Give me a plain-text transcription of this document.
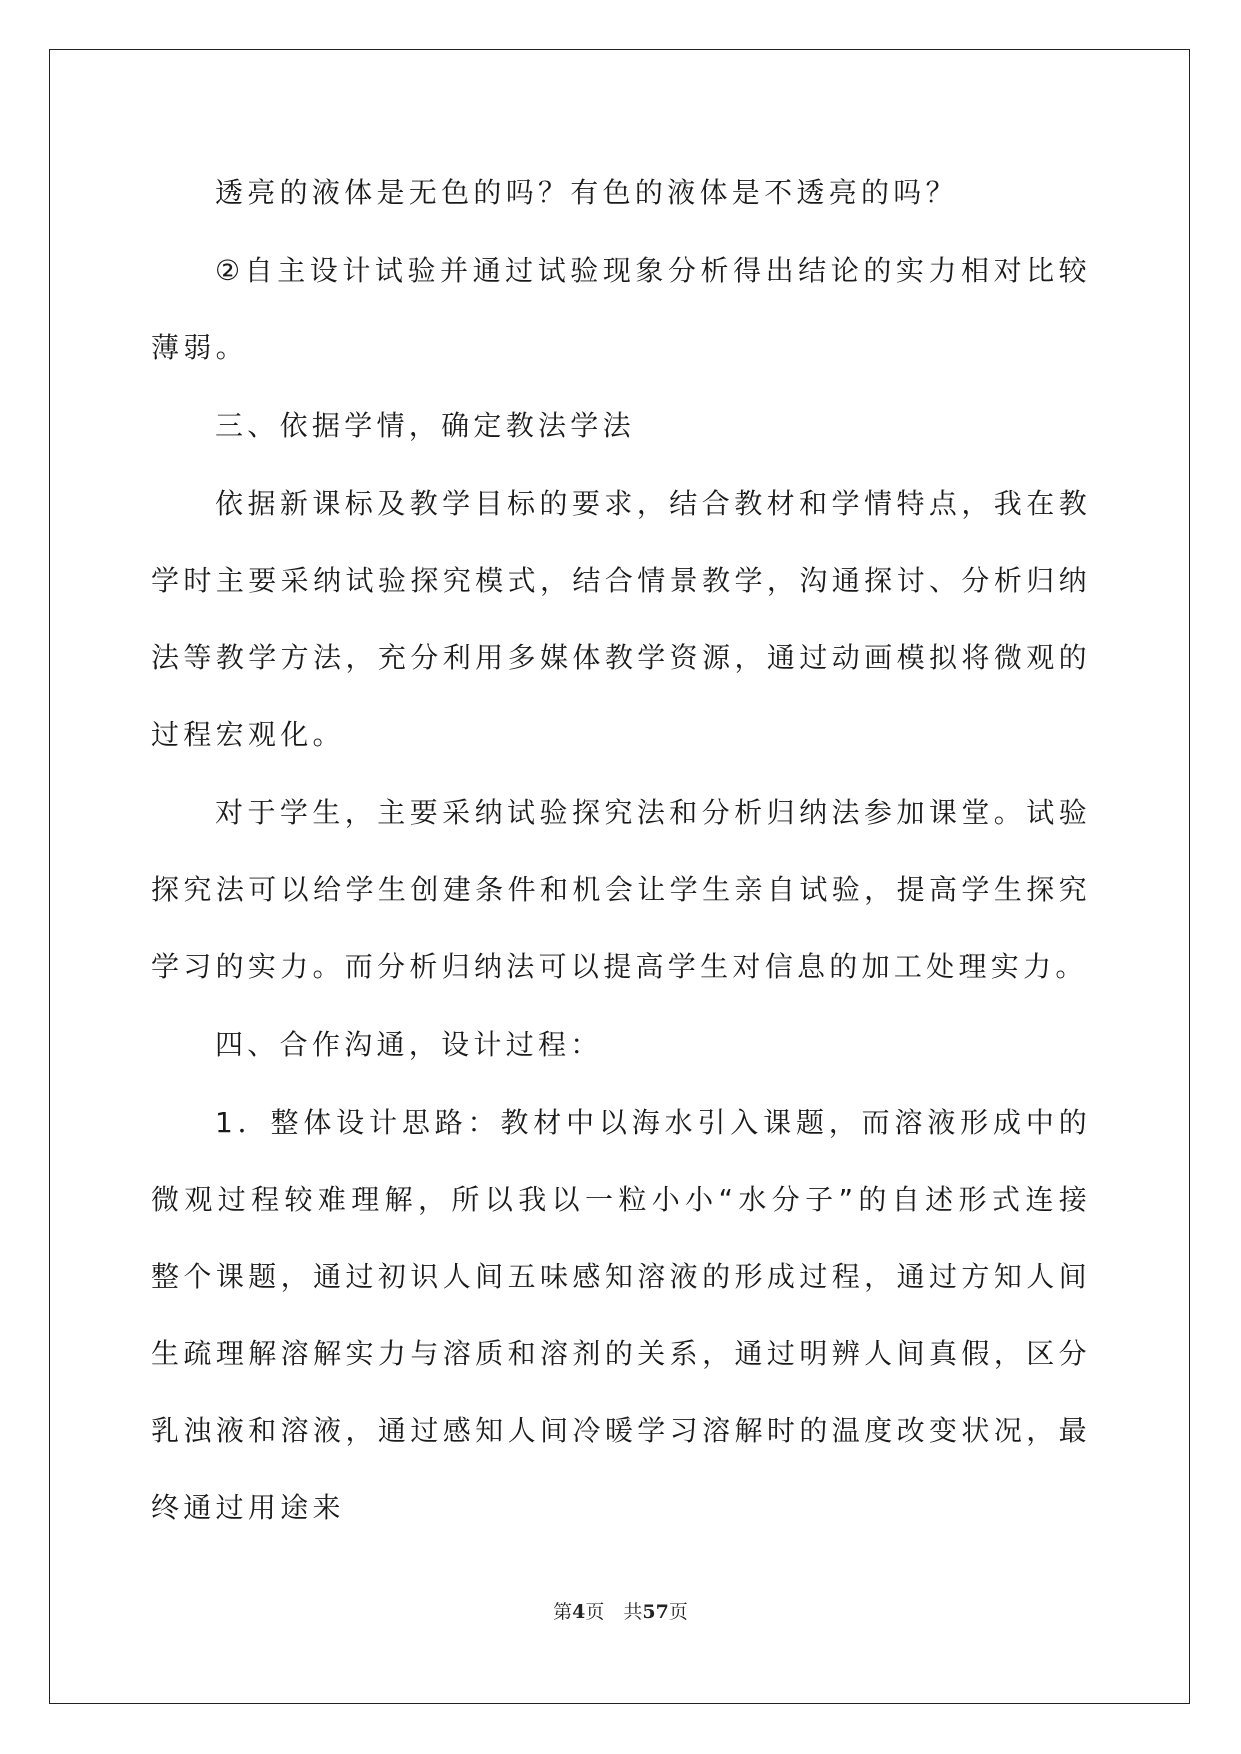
透亮的液体是无色的吗？有色的液体是不透亮的吗？

②自主设计试验并通过试验现象分析得出结论的实力相对比较薄弱。

三、依据学情，确定教法学法

依据新课标及教学目标的要求，结合教材和学情特点，我在教学时主要采纳试验探究模式，结合情景教学，沟通探讨、分析归纳法等教学方法，充分利用多媒体教学资源，通过动画模拟将微观的过程宏观化。

对于学生，主要采纳试验探究法和分析归纳法参加课堂。试验探究法可以给学生创建条件和机会让学生亲自试验，提高学生探究学习的实力。而分析归纳法可以提高学生对信息的加工处理实力。

四、合作沟通，设计过程：

1．整体设计思路：教材中以海水引入课题，而溶液形成中的微观过程较难理解，所以我以一粒小小“水分子”的自述形式连接整个课题，通过初识人间五味感知溶液的形成过程，通过方知人间生疏理解溶解实力与溶质和溶剂的关系，通过明辨人间真假，区分乳浊液和溶液，通过感知人间冷暖学习溶解时的温度改变状况，最终通过用途来

第4页　共57页
